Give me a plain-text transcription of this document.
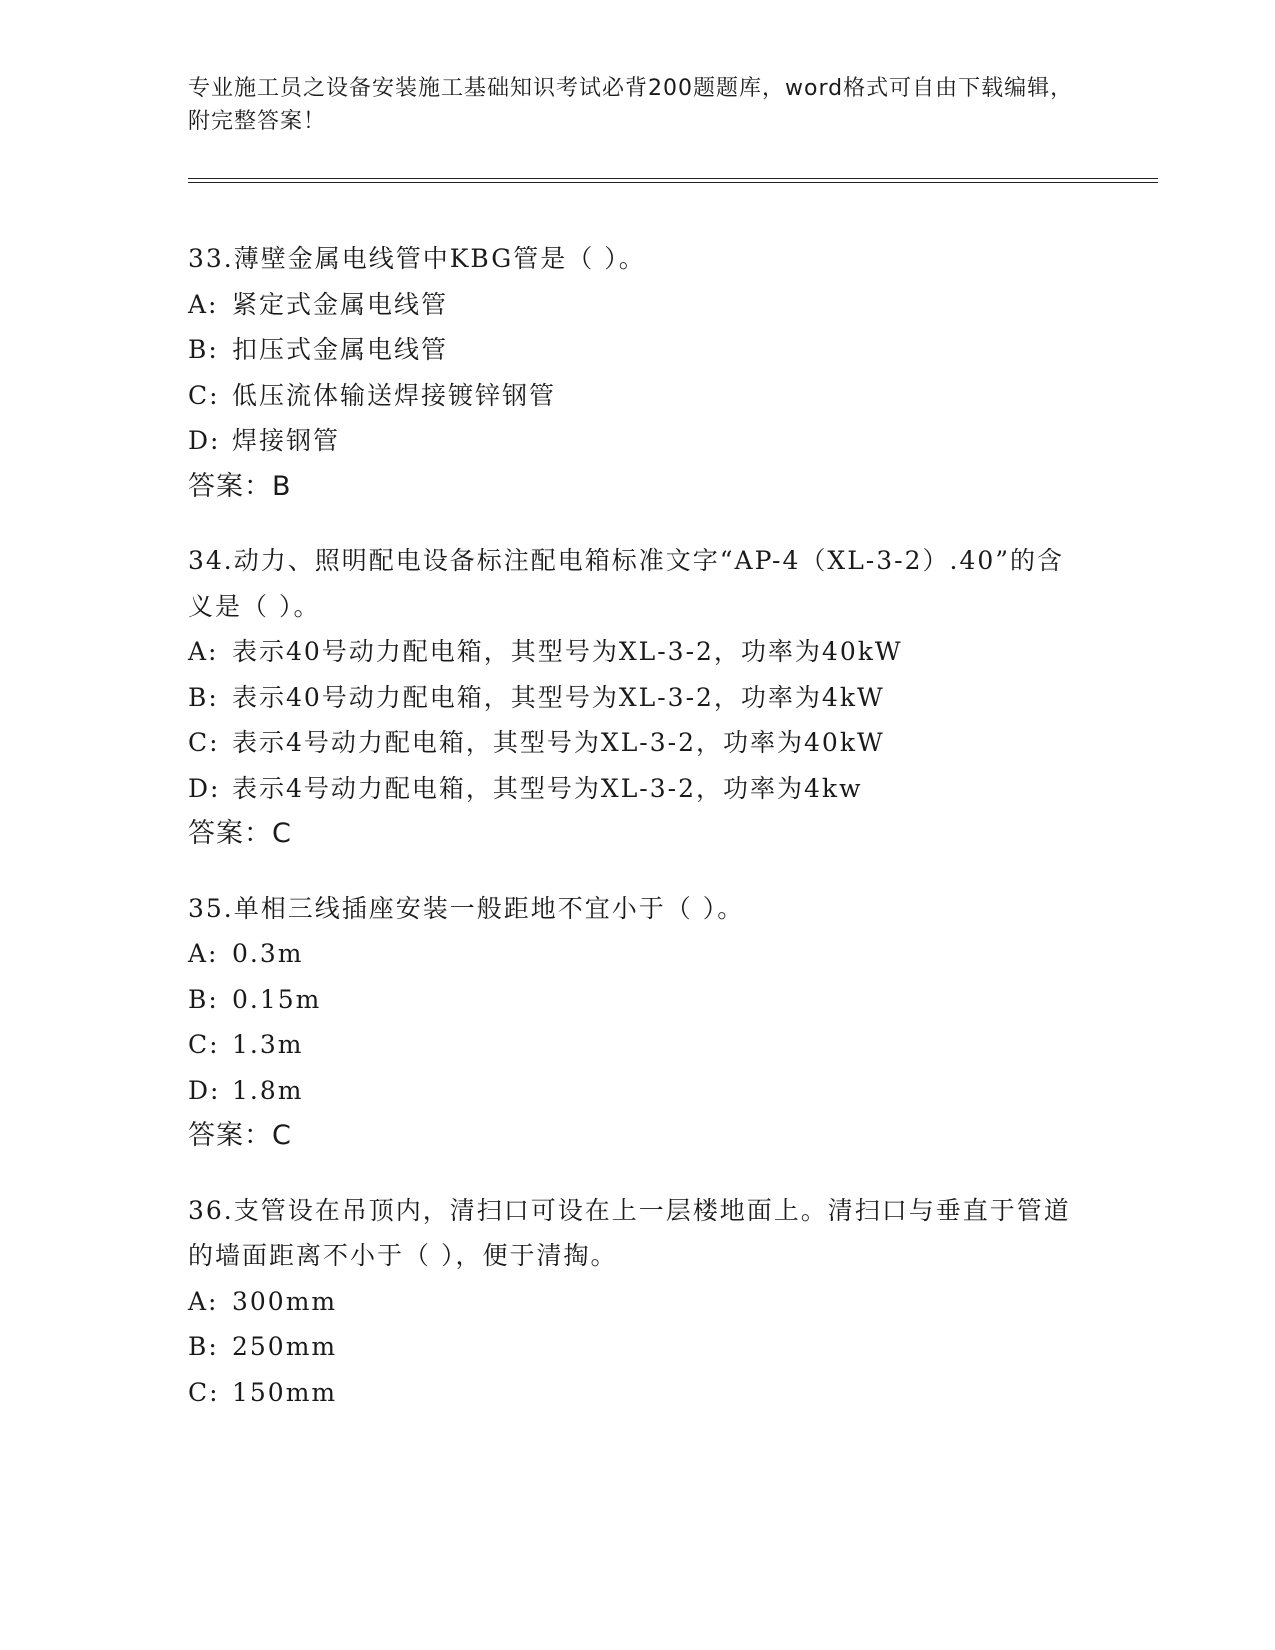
专业施工员之设备安装施工基础知识考试必背200题题库，word格式可自由下载编辑，附完整答案！
33.薄壁金属电线管中KBG管是（ ）。
A: 紧定式金属电线管
B: 扣压式金属电线管
C: 低压流体输送焊接镀锌钢管
D: 焊接钢管
答案：B
34.动力、照明配电设备标注配电箱标准文字“AP-4（XL-3-2）.40”的含义是（ ）。
A: 表示40号动力配电箱，其型号为XL-3-2，功率为40kW
B: 表示40号动力配电箱，其型号为XL-3-2，功率为4kW
C: 表示4号动力配电箱，其型号为XL-3-2，功率为40kW
D: 表示4号动力配电箱，其型号为XL-3-2，功率为4kw
答案：C
35.单相三线插座安装一般距地不宜小于（ ）。
A: 0.3m
B: 0.15m
C: 1.3m
D: 1.8m
答案：C
36.支管设在吊顶内，清扫口可设在上一层楼地面上。清扫口与垂直于管道的墙面距离不小于（ ），便于清掏。
A: 300mm
B: 250mm
C: 150mm
